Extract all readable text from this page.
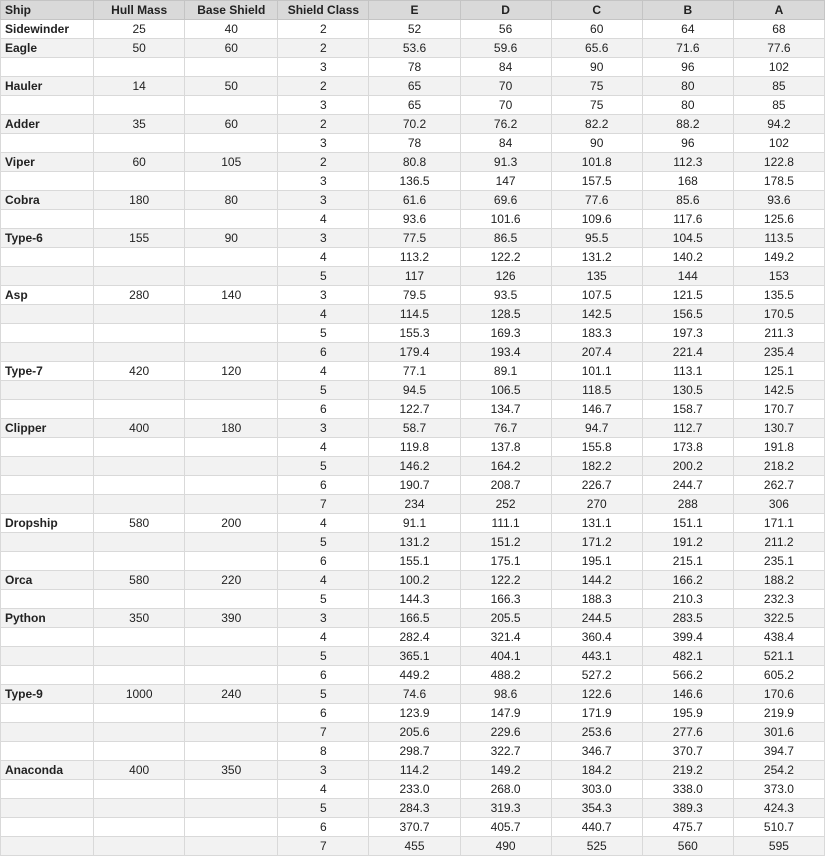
Ship	Hull Mass	Base Shield	Shield Class	E	D	C	B	A
Sidewinder	25	40	2	52	56	60	64	68
Eagle	50	60	2	53.6	59.6	65.6	71.6	77.6
			3	78	84	90	96	102
Hauler	14	50	2	65	70	75	80	85
			3	65	70	75	80	85
Adder	35	60	2	70.2	76.2	82.2	88.2	94.2
			3	78	84	90	96	102
Viper	60	105	2	80.8	91.3	101.8	112.3	122.8
			3	136.5	147	157.5	168	178.5
Cobra	180	80	3	61.6	69.6	77.6	85.6	93.6
			4	93.6	101.6	109.6	117.6	125.6
Type-6	155	90	3	77.5	86.5	95.5	104.5	113.5
			4	113.2	122.2	131.2	140.2	149.2
			5	117	126	135	144	153
Asp	280	140	3	79.5	93.5	107.5	121.5	135.5
			4	114.5	128.5	142.5	156.5	170.5
			5	155.3	169.3	183.3	197.3	211.3
			6	179.4	193.4	207.4	221.4	235.4
Type-7	420	120	4	77.1	89.1	101.1	113.1	125.1
			5	94.5	106.5	118.5	130.5	142.5
			6	122.7	134.7	146.7	158.7	170.7
Clipper	400	180	3	58.7	76.7	94.7	112.7	130.7
			4	119.8	137.8	155.8	173.8	191.8
			5	146.2	164.2	182.2	200.2	218.2
			6	190.7	208.7	226.7	244.7	262.7
			7	234	252	270	288	306
Dropship	580	200	4	91.1	111.1	131.1	151.1	171.1
			5	131.2	151.2	171.2	191.2	211.2
			6	155.1	175.1	195.1	215.1	235.1
Orca	580	220	4	100.2	122.2	144.2	166.2	188.2
			5	144.3	166.3	188.3	210.3	232.3
Python	350	390	3	166.5	205.5	244.5	283.5	322.5
			4	282.4	321.4	360.4	399.4	438.4
			5	365.1	404.1	443.1	482.1	521.1
			6	449.2	488.2	527.2	566.2	605.2
Type-9	1000	240	5	74.6	98.6	122.6	146.6	170.6
			6	123.9	147.9	171.9	195.9	219.9
			7	205.6	229.6	253.6	277.6	301.6
			8	298.7	322.7	346.7	370.7	394.7
Anaconda	400	350	3	114.2	149.2	184.2	219.2	254.2
			4	233.0	268.0	303.0	338.0	373.0
			5	284.3	319.3	354.3	389.3	424.3
			6	370.7	405.7	440.7	475.7	510.7
			7	455	490	525	560	595
